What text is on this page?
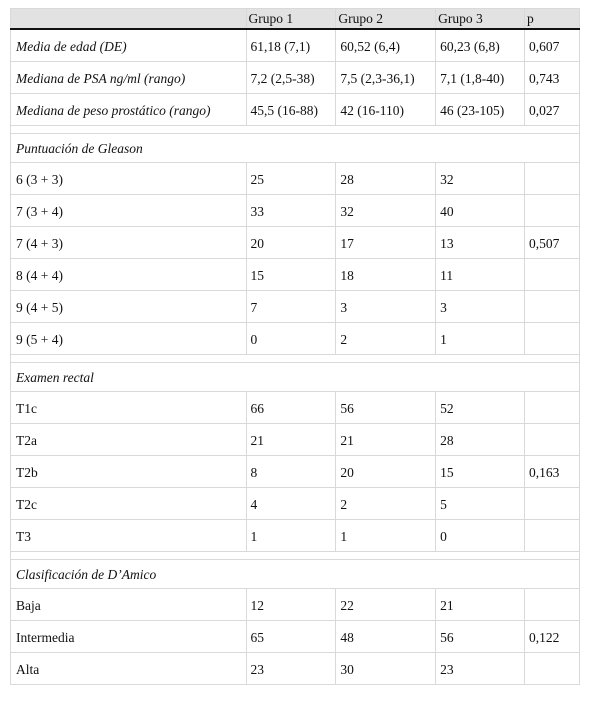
	Grupo 1	Grupo 2	Grupo 3	p
Media de edad (DE)	61,18 (7,1)	60,52 (6,4)	60,23 (6,8)	0,607
Mediana de PSA ng/ml (rango)	7,2 (2,5-38)	7,5 (2,3-36,1)	7,1 (1,8-40)	0,743
Mediana de peso prostático (rango)	45,5 (16-88)	42 (16-110)	46 (23-105)	0,027

Puntuación de Gleason				
6 (3 + 3)	25	28	32	
7 (3 + 4)	33	32	40	
7 (4 + 3)	20	17	13	0,507
8 (4 + 4)	15	18	11	
9 (4 + 5)	7	3	3	
9 (5 + 4)	0	2	1	

Examen rectal				
T1c	66	56	52	
T2a	21	21	28	
T2b	8	20	15	0,163
T2c	4	2	5	
T3	1	1	0	

Clasificación de D’Amico				
Baja	12	22	21	
Intermedia	65	48	56	0,122
Alta	23	30	23	
